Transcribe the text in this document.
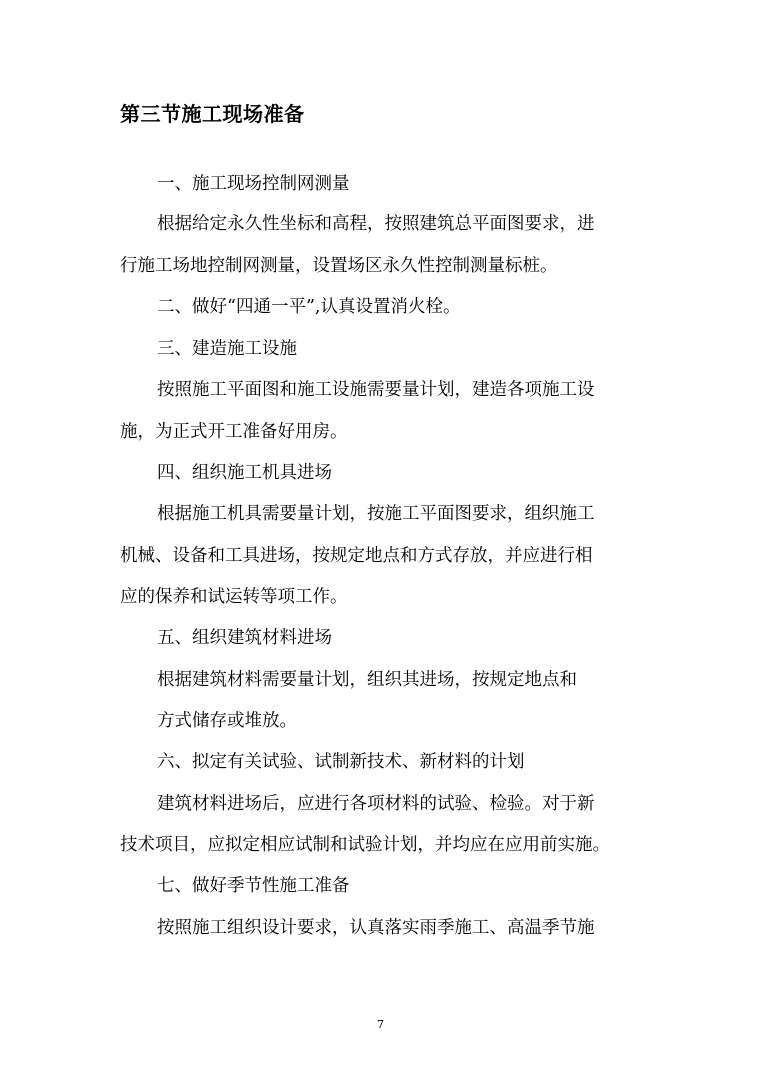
第三节施工现场准备
一、施工现场控制网测量
根据给定永久性坐标和高程，按照建筑总平面图要求，进
行施工场地控制网测量，设置场区永久性控制测量标桩。
二、做好“四通一平”,认真设置消火栓。
三、建造施工设施
按照施工平面图和施工设施需要量计划，建造各项施工设
施，为正式开工准备好用房。
四、组织施工机具进场
根据施工机具需要量计划，按施工平面图要求，组织施工
机械、设备和工具进场，按规定地点和方式存放，并应进行相
应的保养和试运转等项工作。
五、组织建筑材料进场
根据建筑材料需要量计划，组织其进场，按规定地点和
方式储存或堆放。
六、拟定有关试验、试制新技术、新材料的计划
建筑材料进场后，应进行各项材料的试验、检验。对于新
技术项目，应拟定相应试制和试验计划，并均应在应用前实施。
七、做好季节性施工准备
按照施工组织设计要求，认真落实雨季施工、高温季节施
7
